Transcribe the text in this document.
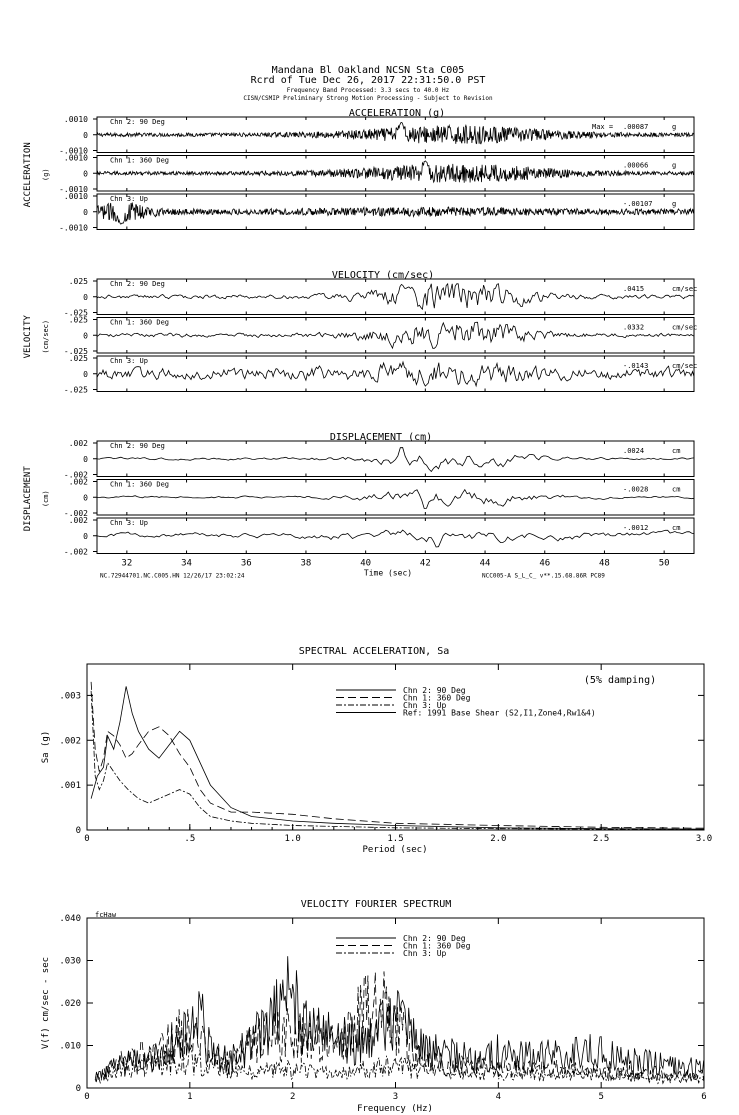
Mandana Bl Oakland NCSN Sta C005
Rcrd of Tue Dec 26, 2017 22:31:50.0 PST
Frequency Band Processed: 3.3 secs to 40.0 Hz
CISN/CSMIP Preliminary Strong Motion Processing - Subject to Revision
ACCELERATION (g)
ACCELERATION (g)
.0010
0
-.0010
Chn 2: 90 Deg
Max = .00087	g
.0010
0
-.0010
Chn 1: 360 Deg
.00066	g
.0010
0
-.0010
Chn 3: Up
-.00107	g
VELOCITY (cm/sec)
VELOCITY (cm/sec)
.025
0
-.025
Chn 2: 90 Deg
.0415	cm/sec
.025
0
-.025
Chn 1: 360 Deg
.0332	cm/sec
.025
0
-.025
Chn 3: Up
-.0143	cm/sec
DISPLACEMENT (cm)
DISPLACEMENT (cm)
.002
0
-.002
Chn 2: 90 Deg
.0024	cm
.002
0
-.002
Chn 1: 360 Deg
-.0028	cm
.002
0
-.002
Chn 3: Up
-.0012	cm
32	34	36	38	40	42	44	46	48	50
Time (sec)
NC.72944701.NC.C005.HN 12/26/17 23:02:24	NCC005-A S_L_C_ v**.15.68.86R PC89
SPECTRAL ACCELERATION, Sa
(5% damping)
0	.5	1.0	1.5	2.0	2.5	3.0
0
.001
.002
.003
Sa (g)
Period (sec)
Chn 2: 90 Deg
Chn 1: 360 Deg
Chn 3: Up
Ref: 1991 Base Shear (S2,I1,Zone4,Rw1&4)
VELOCITY FOURIER SPECTRUM
fcHaw
0	1	2	3	4	5	6
0
.010
.020
.030
.040
V(f) cm/sec - sec
Frequency (Hz)
Chn 2: 90 Deg
Chn 1: 360 Deg
Chn 3: Up
